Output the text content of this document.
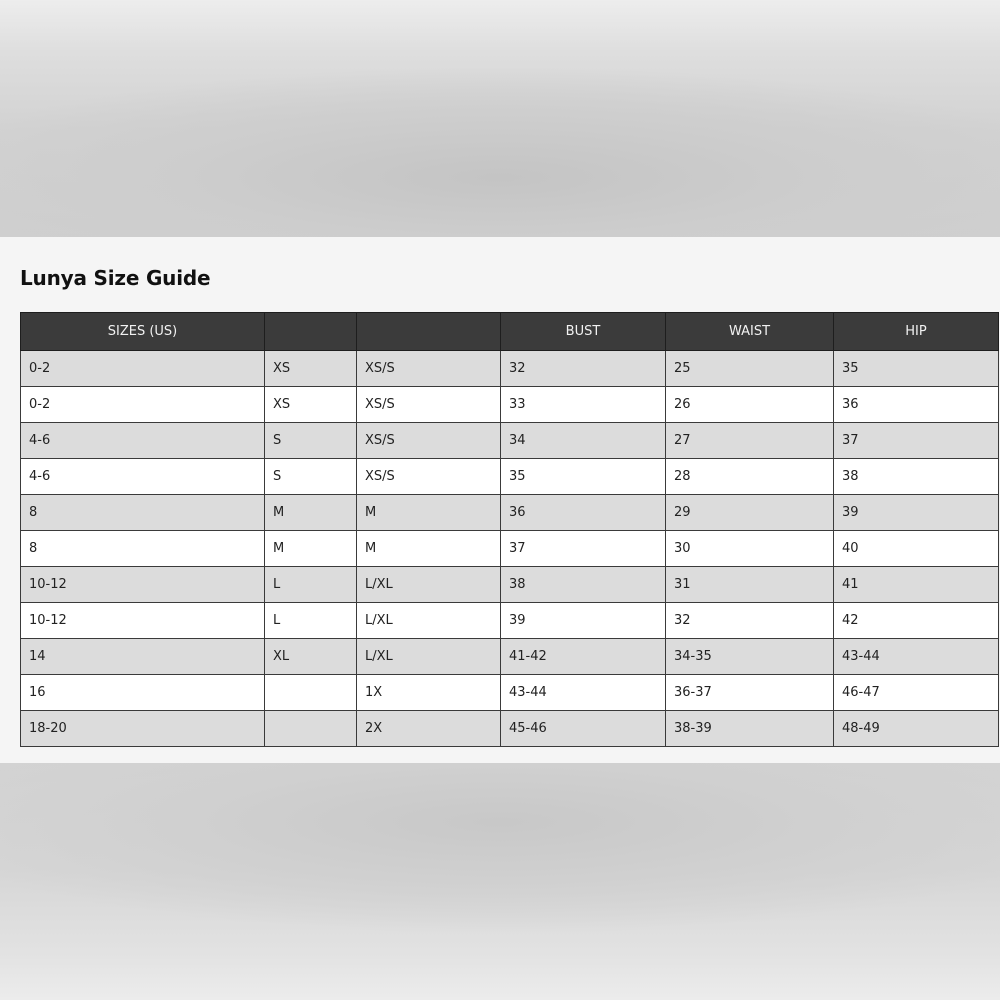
Lunya Size Guide
SIZES (US)			BUST	WAIST	HIP
0-2	XS	XS/S	32	25	35
0-2	XS	XS/S	33	26	36
4-6	S	XS/S	34	27	37
4-6	S	XS/S	35	28	38
8	M	M	36	29	39
8	M	M	37	30	40
10-12	L	L/XL	38	31	41
10-12	L	L/XL	39	32	42
14	XL	L/XL	41-42	34-35	43-44
16		1X	43-44	36-37	46-47
18-20		2X	45-46	38-39	48-49
